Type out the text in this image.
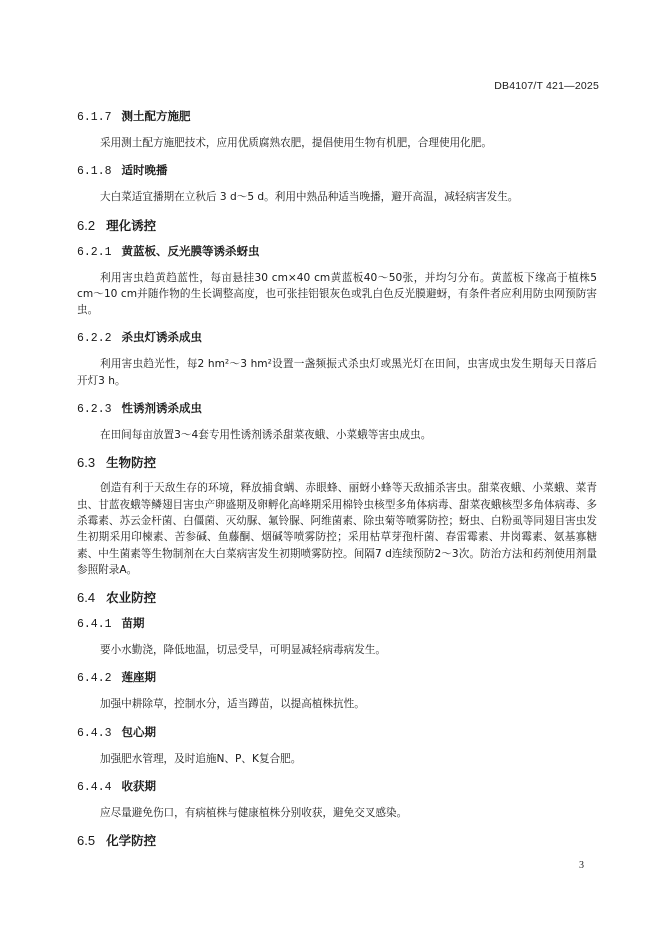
DB4107/T 421—2025
6.1.7 测土配方施肥

采用测土配方施肥技术，应用优质腐熟农肥，提倡使用生物有机肥，合理使用化肥。

6.1.8 适时晚播

大白菜适宜播期在立秋后 3 d～5 d。利用中熟品种适当晚播，避开高温，减轻病害发生。

6.2 理化诱控
6.2.1 黄蓝板、反光膜等诱杀蚜虫

利用害虫趋黄趋蓝性，每亩悬挂30 cm×40 cm黄蓝板40～50张，并均匀分布。黄蓝板下缘高于植株5 cm～10 cm并随作物的生长调整高度，也可张挂铝银灰色或乳白色反光膜避蚜，有条件者应利用防虫网预防害虫。

6.2.2 杀虫灯诱杀成虫

利用害虫趋光性，每2 hm²～3 hm²设置一盏频振式杀虫灯或黑光灯在田间，虫害成虫发生期每天日落后开灯3 h。

6.2.3 性诱剂诱杀成虫

在田间每亩放置3～4套专用性诱剂诱杀甜菜夜蛾、小菜蛾等害虫成虫。

6.3 生物防控

创造有利于天敌生存的环境，释放捕食螨、赤眼蜂、丽蚜小蜂等天敌捕杀害虫。甜菜夜蛾、小菜蛾、菜青虫、甘蓝夜蛾等鳞翅目害虫产卵盛期及卵孵化高峰期采用棉铃虫核型多角体病毒、甜菜夜蛾核型多角体病毒、多杀霉素、苏云金杆菌、白僵菌、灭幼脲、氟铃脲、阿维菌素、除虫菊等喷雾防控；蚜虫、白粉虱等同翅目害虫发生初期采用印楝素、苦参碱、鱼藤酮、烟碱等喷雾防控；采用枯草芽孢杆菌、春雷霉素、井岗霉素、氨基寡糖素、中生菌素等生物制剂在大白菜病害发生初期喷雾防控。间隔7 d连续预防2～3次。防治方法和药剂使用剂量参照附录A。

6.4 农业防控
6.4.1 苗期

要小水勤浇，降低地温，切忌受旱，可明显减轻病毒病发生。

6.4.2 莲座期

加强中耕除草，控制水分，适当蹲苗，以提高植株抗性。

6.4.3 包心期

加强肥水管理，及时追施N、P、K复合肥。

6.4.4 收获期

应尽量避免伤口，有病植株与健康植株分别收获，避免交叉感染。

6.5 化学防控
3
